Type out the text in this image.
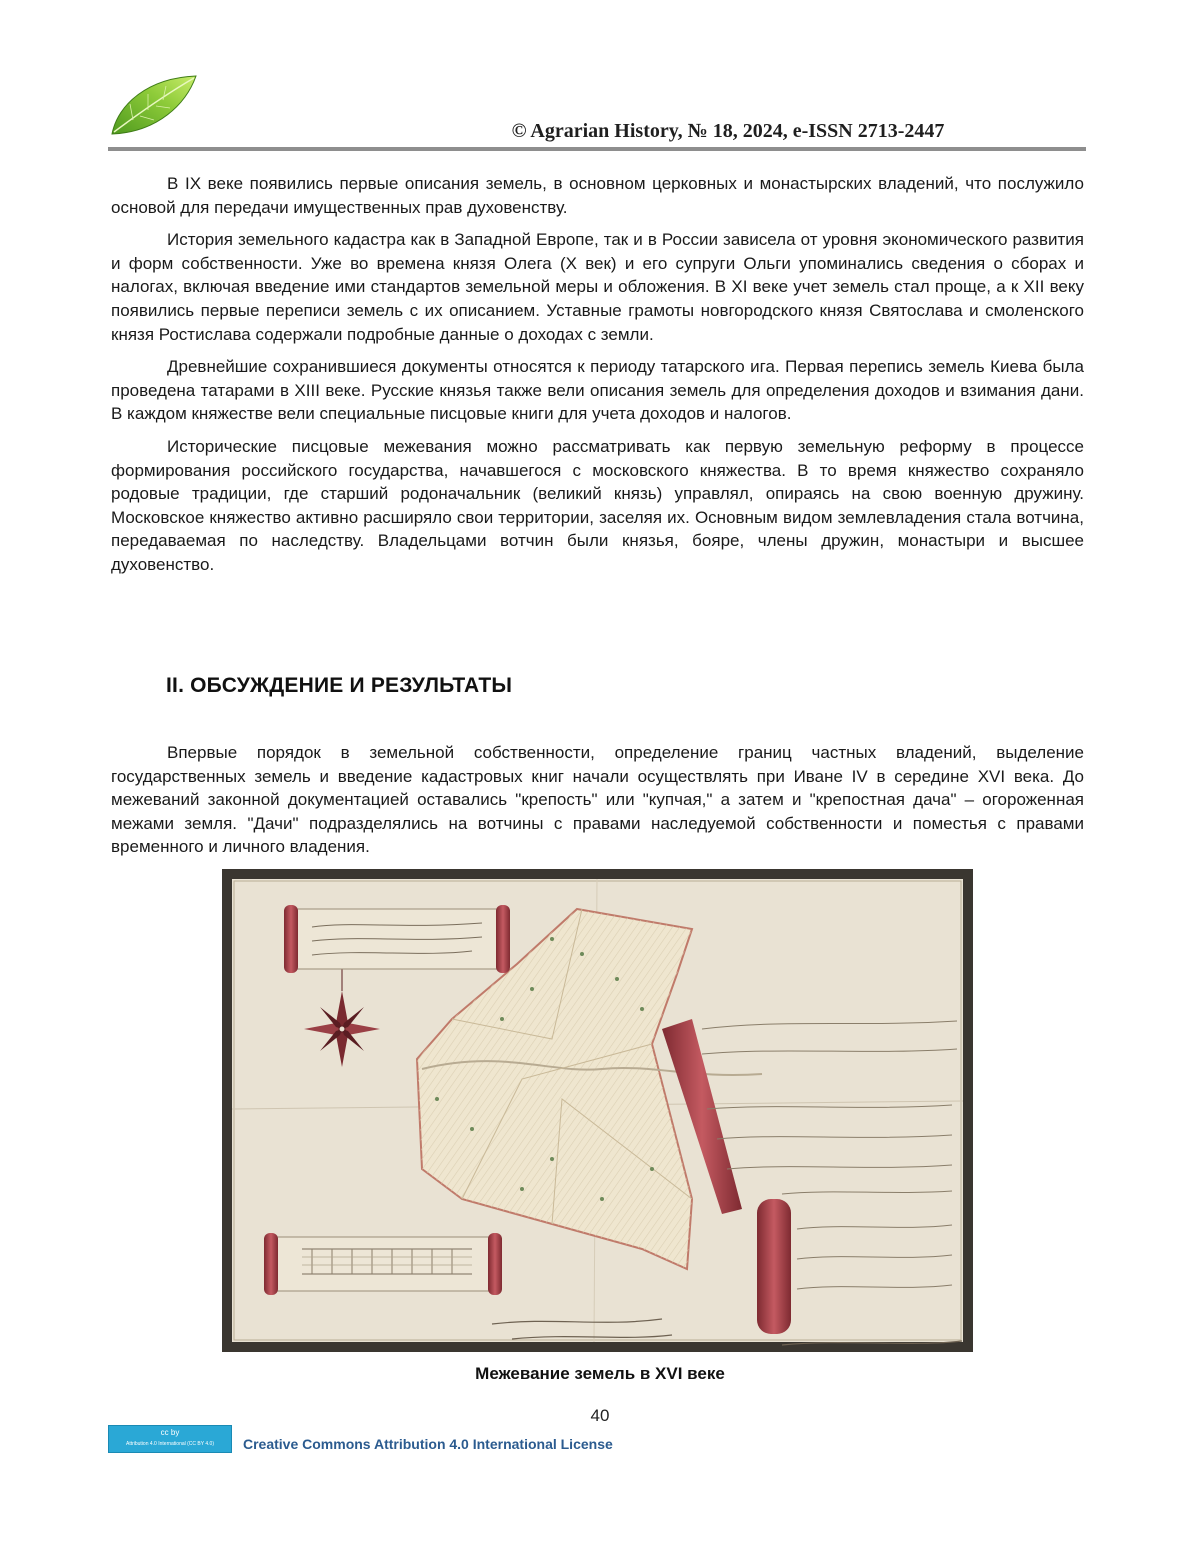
© Agrarian History, № 18, 2024, e-ISSN 2713-2447

В IX веке появились первые описания земель, в основном церковных и монастырских владений, что послужило основой для передачи имущественных прав духовенству.

История земельного кадастра как в Западной Европе, так и в России зависела от уровня экономического развития и форм собственности. Уже во времена князя Олега (X век) и его супруги Ольги упоминались сведения о сборах и налогах, включая введение ими стандартов земельной меры и обложения. В XI веке учет земель стал проще, а к XII веку появились первые переписи земель с их описанием. Уставные грамоты новгородского князя Святослава и смоленского князя Ростислава содержали подробные данные о доходах с земли.

Древнейшие сохранившиеся документы относятся к периоду татарского ига. Первая перепись земель Киева была проведена татарами в XIII веке. Русские князья также вели описания земель для определения доходов и взимания дани. В каждом княжестве вели специальные писцовые книги для учета доходов и налогов.

Исторические писцовые межевания можно рассматривать как первую земельную реформу в процессе формирования российского государства, начавшегося с московского княжества. В то время княжество сохраняло родовые традиции, где старший родоначальник (великий князь) управлял, опираясь на свою военную дружину. Московское княжество активно расширяло свои территории, заселяя их. Основным видом землевладения стала вотчина, передаваемая по наследству. Владельцами вотчин были князья, бояре, члены дружин, монастыри и высшее духовенство.

II. ОБСУЖДЕНИЕ И РЕЗУЛЬТАТЫ

Впервые порядок в земельной собственности, определение границ частных владений, выделение государственных земель и введение кадастровых книг начали осуществлять при Иване IV в середине XVI века. До межеваний законной документацией оставались "крепость" или "купчая," а затем и "крепостная дача" – огороженная межами земля. "Дачи" подразделялись на вотчины с правами наследуемой собственности и поместья с правами временного и личного владения.

Межевание земель в XVI веке
40
cc by
Attribution 4.0 International (CC BY 4.0)	Creative Commons Attribution 4.0 International License
